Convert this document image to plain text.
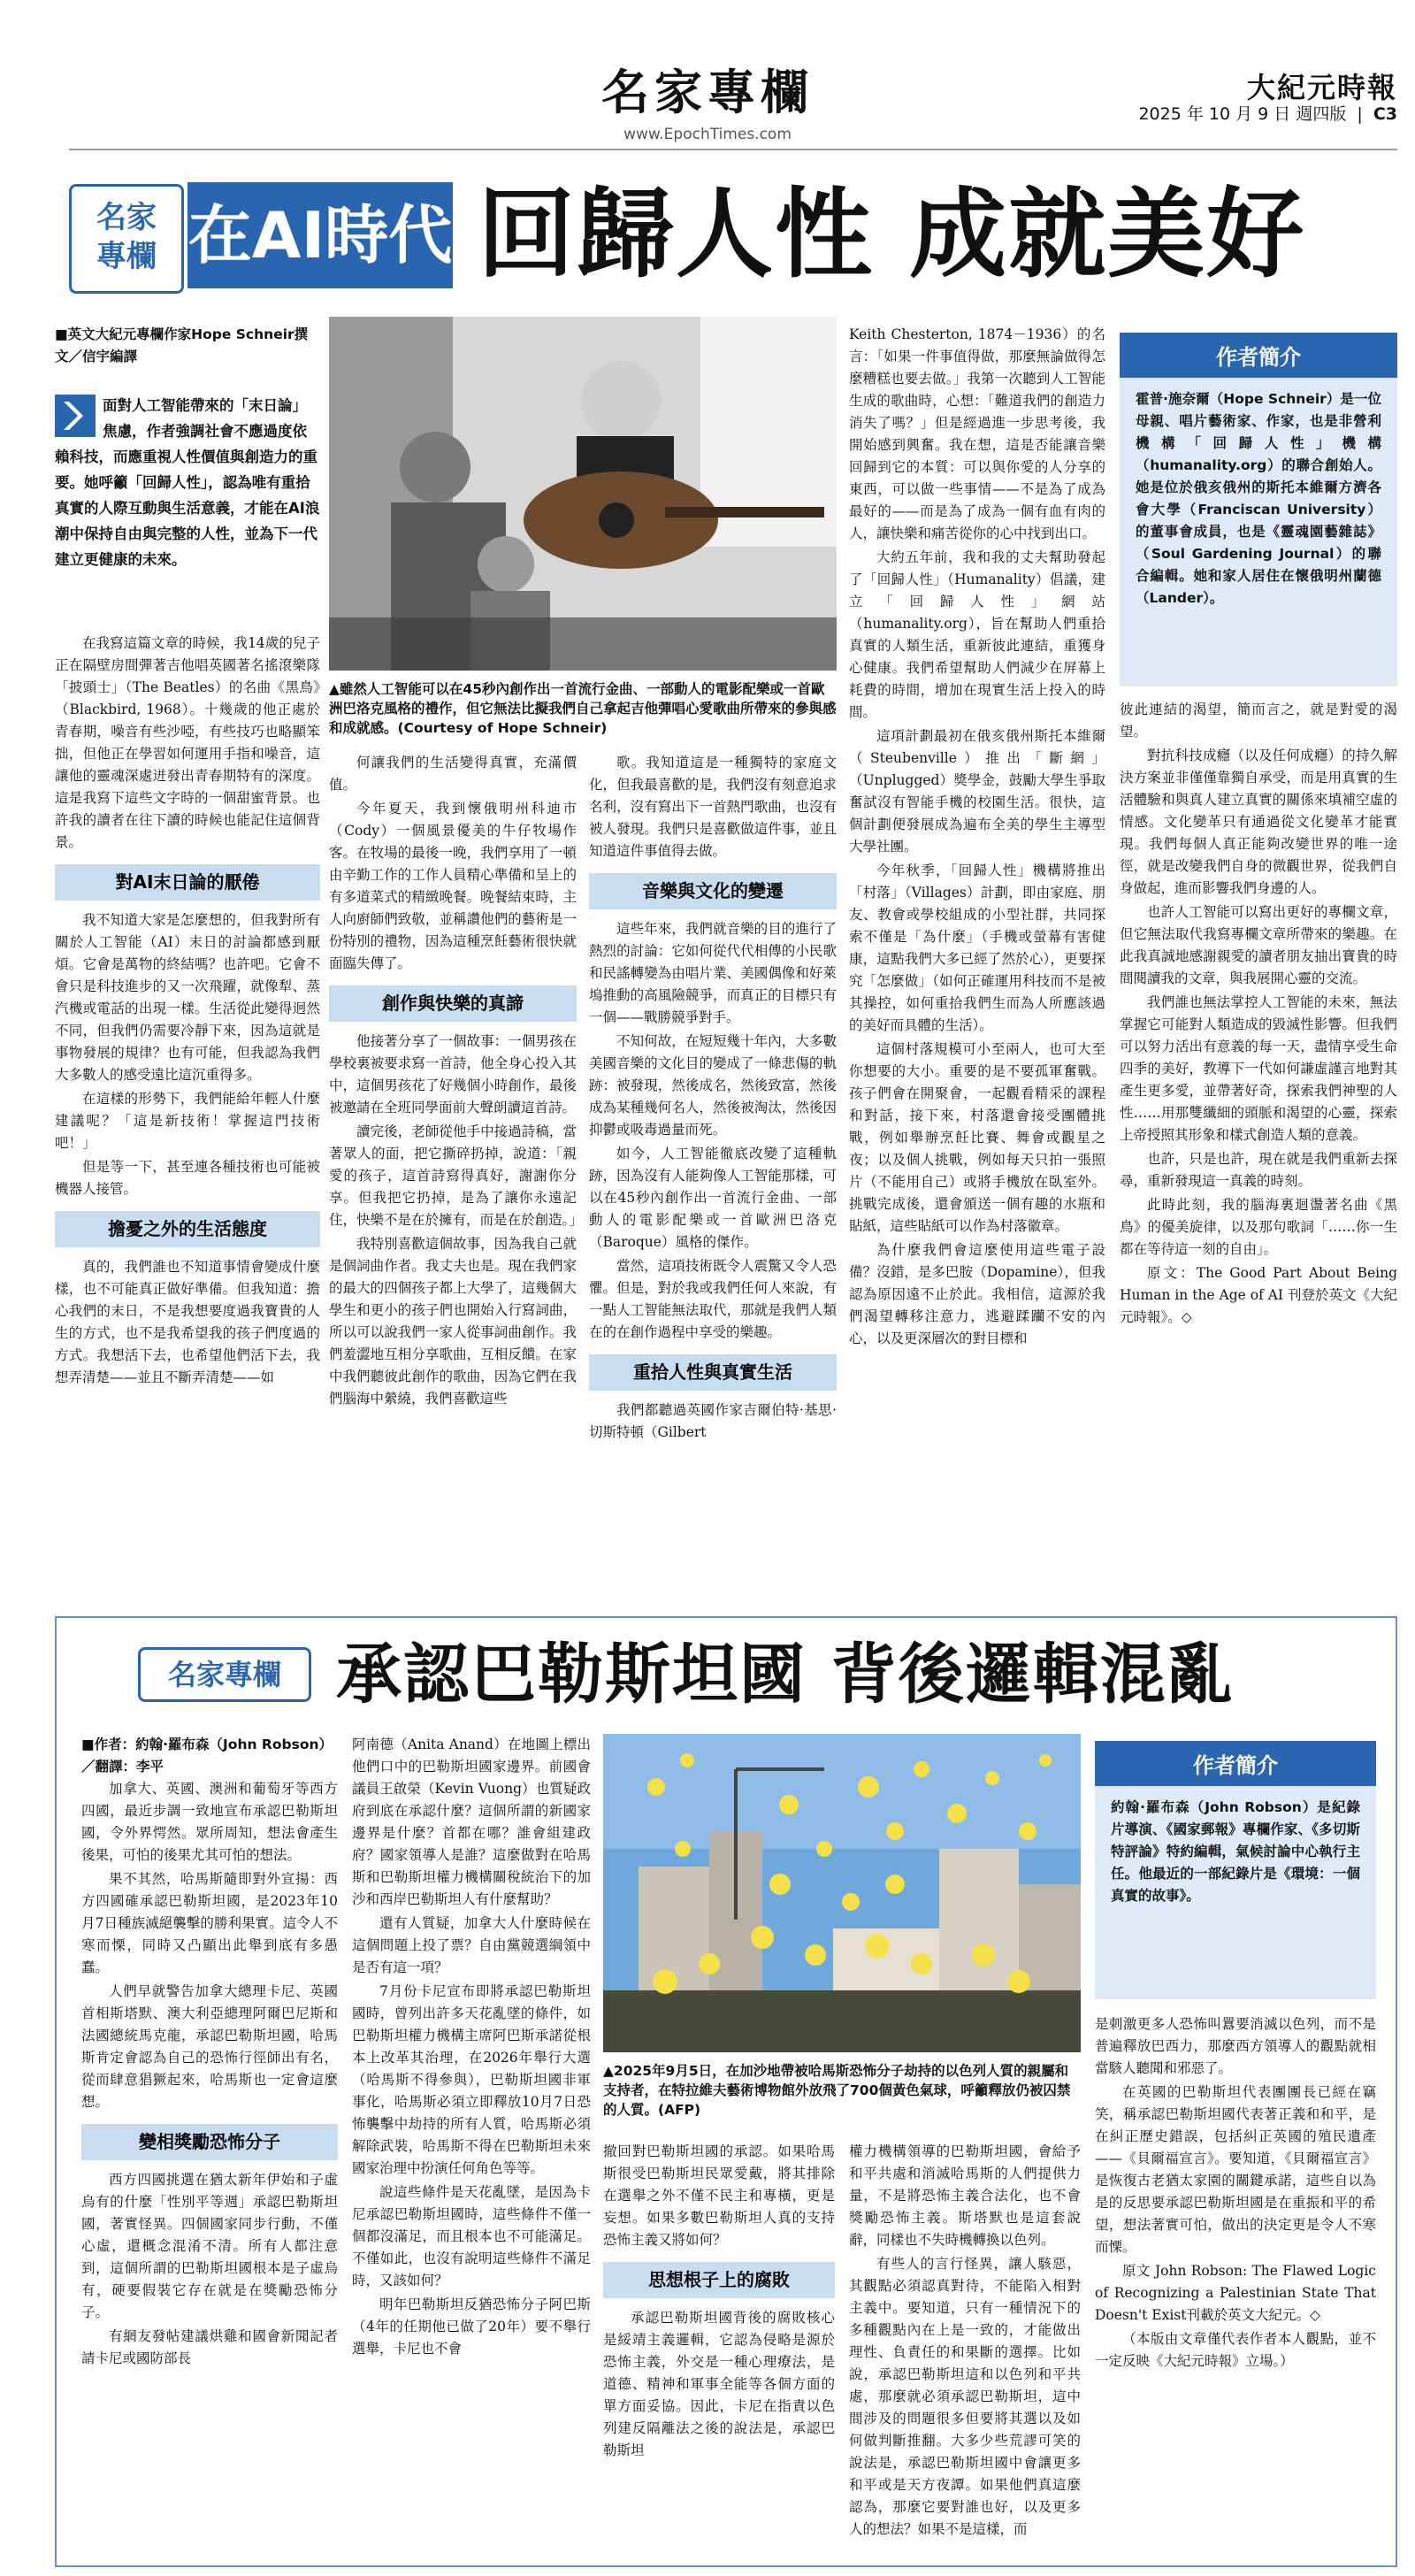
名家專欄
www.EpochTimes.com
大紀元時報
2025 年 10 月 9 日 週四版 | C3
名家
專欄 在AI時代 回歸人性 成就美好
■英文大紀元專欄作家Hope Schneir撰文／信宇編譯
面對人工智能帶來的「末日論」焦慮，作者強調社會不應過度依賴科技，而應重視人性價值與創造力的重要。她呼籲「回歸人性」，認為唯有重拾真實的人際互動與生活意義，才能在AI浪潮中保持自由與完整的人性，並為下一代建立更健康的未來。

在我寫這篇文章的時候，我14歲的兒子正在隔壁房間彈著吉他唱英國著名搖滾樂隊「披頭士」（The Beatles）的名曲《黑鳥》（Blackbird, 1968）。十幾歲的他正處於青春期，噪音有些沙啞，有些技巧也略顯笨拙，但他正在學習如何運用手指和噪音，這讓他的靈魂深處迸發出青春期特有的深度。這是我寫下這些文字時的一個甜蜜背景。也許我的讀者在往下讀的時候也能記住這個背景。

對AI末日論的厭倦

我不知道大家是怎麼想的，但我對所有關於人工智能（AI）末日的討論都感到厭煩。它會是萬物的終結嗎？也許吧。它會不會只是科技進步的又一次飛躍，就像犁、蒸汽機或電話的出現一樣。生活從此變得迥然不同，但我們仍需要冷靜下來，因為這就是事物發展的規律？也有可能，但我認為我們大多數人的感受遠比這沉重得多。

在這樣的形勢下，我們能給年輕人什麼建議呢？「這是新技術！掌握這門技術吧！」

但是等一下，甚至連各種技術也可能被機器人接管。

擔憂之外的生活態度

真的，我們誰也不知道事情會變成什麼樣，也不可能真正做好準備。但我知道：擔心我們的末日，不是我想要度過我寶貴的人生的方式，也不是我希望我的孩子們度過的方式。我想活下去，也希望他們活下去，我想弄清楚——並且不斷弄清楚——如

▲雖然人工智能可以在45秒內創作出一首流行金曲、一部動人的電影配樂或一首歐洲巴洛克風格的禮作，但它無法比擬我們自己拿起吉他彈唱心愛歌曲所帶來的參與感和成就感。(Courtesy of Hope Schneir)

何讓我們的生活變得真實，充滿價值。

今年夏天，我到懷俄明州科迪市（Cody）一個風景優美的牛仔牧場作客。在牧場的最後一晚，我們享用了一頓由辛勤工作的工作人員精心準備和呈上的有多道菜式的精緻晚餐。晚餐結束時，主人向廚師們致敬，並稱讚他們的藝術是一份特別的禮物，因為這種烹飪藝術很快就面臨失傳了。

創作與快樂的真諦

他接著分享了一個故事：一個男孩在學校裏被要求寫一首詩，他全身心投入其中，這個男孩花了好幾個小時創作，最後被邀請在全班同學面前大聲朗讀這首詩。

讀完後，老師從他手中接過詩稿，當著眾人的面，把它撕碎扔掉，說道：「親愛的孩子，這首詩寫得真好，謝謝你分享。但我把它扔掉，是為了讓你永遠記住，快樂不是在於擁有，而是在於創造。」

我特別喜歡這個故事，因為我自己就是個詞曲作者。我丈夫也是。現在我們家的最大的四個孩子都上大學了，這幾個大學生和更小的孩子們也開始入行寫詞曲，所以可以說我們一家人從事詞曲創作。我們羞澀地互相分享歌曲，互相反饋。在家中我們聽彼此創作的歌曲，因為它們在我們腦海中縈繞，我們喜歡這些

歌。我知道這是一種獨特的家庭文化，但我最喜歡的是，我們沒有刻意追求名利，沒有寫出下一首熱門歌曲，也沒有被人發現。我們只是喜歡做這件事，並且知道這件事值得去做。

音樂與文化的變遷

這些年來，我們就音樂的目的進行了熱烈的討論：它如何從代代相傳的小民歌和民謠轉變為由唱片業、美國偶像和好萊塢推動的高風險競爭，而真正的目標只有一個——戰勝競爭對手。

不知何故，在短短幾十年內，大多數美國音樂的文化目的變成了一條悲傷的軌跡：被發現，然後成名，然後致富，然後成為某種幾何名人，然後被淘汰，然後因抑鬱或吸毒過量而死。

如今，人工智能徹底改變了這種軌跡，因為沒有人能夠像人工智能那樣，可以在45秒內創作出一首流行金曲、一部動人的電影配樂或一首歐洲巴洛克（Baroque）風格的傑作。

當然，這項技術既令人震驚又令人恐懼。但是，對於我或我們任何人來說，有一點人工智能無法取代，那就是我們人類在的在創作過程中享受的樂趣。

重拾人性與真實生活

我們都聽過英國作家吉爾伯特·基思·切斯特頓（Gilbert

Keith Chesterton, 1874－1936）的名言：「如果一件事值得做，那麼無論做得怎麼糟糕也要去做。」我第一次聽到人工智能生成的歌曲時，心想：「難道我們的創造力消失了嗎？」但是經過進一步思考後，我開始感到興奮。我在想，這是否能讓音樂回歸到它的本質：可以與你愛的人分享的東西，可以做一些事情——不是為了成為最好的——而是為了成為一個有血有肉的人，讓快樂和痛苦從你的心中找到出口。

大約五年前，我和我的丈夫幫助發起了「回歸人性」（Humanality）倡議，建立「回歸人性」網站（humanality.org），旨在幫助人們重拾真實的人類生活，重新彼此連結，重獲身心健康。我們希望幫助人們減少在屏幕上耗費的時間，增加在現實生活上投入的時間。

這項計劃最初在俄亥俄州斯托本維爾（Steubenville）推出「斷網」（Unplugged）獎學金，鼓勵大學生爭取奮試沒有智能手機的校園生活。很快，這個計劃便發展成為遍布全美的學生主導型大學社團。

今年秋季，「回歸人性」機構將推出「村落」（Villages）計劃，即由家庭、朋友、教會或學校組成的小型社群，共同探索不僅是「為什麼」（手機或螢幕有害健康，這點我們大多已經了然於心），更要探究「怎麼做」（如何正確運用科技而不是被其操控，如何重拾我們生而為人所應該過的美好而具體的生活）。

這個村落規模可小至兩人，也可大至你想要的大小。重要的是不要孤軍奮戰。孩子們會在開聚會，一起觀看精采的課程和對話，接下來，村落還會接受團體挑戰，例如舉辦烹飪比賽、舞會或觀星之夜；以及個人挑戰，例如每天只拍一張照片（不能用自己）或將手機放在臥室外。挑戰完成後，還會頒送一個有趣的水瓶和貼紙，這些貼紙可以作為村落徽章。

為什麼我們會這麼使用這些電子設備？沒錯，是多巴胺（Dopamine），但我認為原因遠不止於此。我相信，這源於我們渴望轉移注意力，逃避蹂躪不安的內心，以及更深層次的對目標和

作者簡介
霍普·施奈爾（Hope Schneir）是一位母親、唱片藝術家、作家，也是非營利機構「回歸人性」機構（humanality.org）的聯合創始人。她是位於俄亥俄州的斯托本維爾方濟各會大學（Franciscan University）的董事會成員，也是《靈魂園藝雜誌》（Soul Gardening Journal）的聯合編輯。她和家人居住在懷俄明州蘭德（Lander）。

彼此連結的渴望，簡而言之，就是對愛的渴望。

對抗科技成癮（以及任何成癮）的持久解決方案並非僅僅靠獨自承受，而是用真實的生活體驗和與真人建立真實的關係來填補空虛的情感。文化變革只有通過從文化變革才能實現。我們每個人真正能夠改變世界的唯一途徑，就是改變我們自身的微觀世界，從我們自身做起，進而影響我們身邊的人。

也許人工智能可以寫出更好的專欄文章，但它無法取代我寫專欄文章所帶來的樂趣。在此我真誠地感謝親愛的讀者朋友抽出寶貴的時間閱讀我的文章，與我展開心靈的交流。

我們誰也無法掌控人工智能的未來，無法掌握它可能對人類造成的毀滅性影響。但我們可以努力活出有意義的每一天，盡情享受生命四季的美好，教導下一代如何謙虛謹言地對其產生更多愛，並帶著好奇，探索我們神聖的人性……用那雙纖細的頭脈和渴望的心靈，探索上帝授照其形象和樣式創造人類的意義。

也許，只是也許，現在就是我們重新去探尋，重新發現這一真義的時刻。

此時此刻，我的腦海裏迴盪著名曲《黑鳥》的優美旋律，以及那句歌詞「……你一生都在等待這一刻的自由」。

原文：The Good Part About Being Human in the Age of AI 刊登於英文《大紀元時報》。◇

名家專欄 承認巴勒斯坦國 背後邏輯混亂
■作者：約翰·羅布森（John Robson）／翻譯：李平

加拿大、英國、澳洲和葡萄牙等西方四國，最近步調一致地宣布承認巴勒斯坦國，令外界愕然。眾所周知，想法會產生後果，可怕的後果尤其可怕的想法。

果不其然，哈馬斯隨即對外宣揚：西方四國確承認巴勒斯坦國，是2023年10月7日種族滅絕襲擊的勝利果實。這令人不寒而慄，同時又凸顯出此舉到底有多愚蠢。

人們早就警告加拿大總理卡尼、英國首相斯塔默、澳大利亞總理阿爾巴尼斯和法國總統馬克龍，承認巴勒斯坦國，哈馬斯肯定會認為自己的恐怖行徑師出有名，從而肆意猖獗起來，哈馬斯也一定會這麼想。

變相獎勵恐怖分子

西方四國挑選在猶太新年伊始和子虛烏有的什麼「性別平等週」承認巴勒斯坦國，著實怪異。四個國家同步行動，不僅心虛，還概念混淆不清。所有人都注意到，這個所謂的巴勒斯坦國根本是子虛烏有，硬要假裝它存在就是在獎勵恐怖分子。

有網友發帖建議烘雞和國會新聞記者請卡尼或國防部長

阿南德（Anita Anand）在地圖上標出他們口中的巴勒斯坦國家邊界。前國會議員王啟榮（Kevin Vuong）也質疑政府到底在承認什麼？這個所謂的新國家邊界是什麼？首都在哪？誰會組建政府？國家領導人是誰？這麼做對在哈馬斯和巴勒斯坦權力機構關稅統治下的加沙和西岸巴勒斯坦人有什麼幫助？

還有人質疑，加拿大人什麼時候在這個問題上投了票？自由黨競選綱領中是否有這一項？

7月份卡尼宣布即將承認巴勒斯坦國時，曾列出許多天花亂墜的條件，如巴勒斯坦權力機構主席阿巴斯承諾從根本上改革其治理，在2026年舉行大選（哈馬斯不得參與），巴勒斯坦國非軍事化，哈馬斯必須立即釋放10月7日恐怖襲擊中劫持的所有人質，哈馬斯必須解除武裝，哈馬斯不得在巴勒斯坦未來國家治理中扮演任何角色等等。

說這些條件是天花亂墜，是因為卡尼承認巴勒斯坦國時，這些條件不僅一個都沒滿足，而且根本也不可能滿足。不僅如此，也沒有說明這些條件不滿足時，又該如何？

明年巴勒斯坦反猶恐怖分子阿巴斯（4年的任期他已做了20年）要不舉行選舉，卡尼也不會

▲2025年9月5日，在加沙地帶被哈馬斯恐怖分子劫持的以色列人質的親屬和支持者，在特拉維夫藝術博物館外放飛了700個黃色氣球，呼籲釋放仍被囚禁的人質。(AFP)

撤回對巴勒斯坦國的承認。如果哈馬斯很受巴勒斯坦民眾愛戴，將其排除在選舉之外不僅不民主和專橫，更是妄想。如果多數巴勒斯坦人真的支持恐怖主義又將如何？

思想根子上的腐敗

承認巴勒斯坦國背後的腐敗核心是綏靖主義邏輯，它認為侵略是源於恐怖主義，外交是一種心理療法，是道德、精神和軍事全能等各個方面的單方面妥協。因此，卡尼在指責以色列建反隔離法之後的說法是，承認巴勒斯坦

權力機構領導的巴勒斯坦國，會給予和平共處和消滅哈馬斯的人們提供力量，不是將恐怖主義合法化，也不會獎勵恐怖主義。斯塔默也是這套說辭，同樣也不失時機轉換以色列。

有些人的言行怪異，讓人駭惡，其觀點必須認真對待，不能陷入相對主義中。要知道，只有一種情況下的多種觀點內在上是一致的，才能做出理性、負責任的和果斷的選擇。比如說，承認巴勒斯坦這和以色列和平共處，那麼就必須承認巴勒斯坦，這中間涉及的問題很多但要將其選以及如何做判斷推翻。大多少些荒謬可笑的說法是，承認巴勒斯坦國中會讓更多和平或是天方夜譚。如果他們真這麼認為，那麼它要對誰也好，以及更多人的想法？如果不是這樣，而

作者簡介
約翰·羅布森（John Robson）是紀錄片導演、《國家郵報》專欄作家、《多切斯特評論》特約編輯，氣候討論中心執行主任。他最近的一部紀錄片是《環境：一個真實的故事》。

是刺激更多人恐怖叫囂要消滅以色列，而不是普遍釋放巴西力，那麼西方領導人的觀點就相當駭人聽聞和邪惡了。

在英國的巴勒斯坦代表團團長已經在竊笑，稱承認巴勒斯坦國代表著正義和和平，是在糾正歷史錯誤，包括糾正英國的殖民遺產——《貝爾福宣言》。要知道，《貝爾福宣言》是恢復古老猶太家園的關鍵承諾，這些自以為是的反思要承認巴勒斯坦國是在重振和平的希望，想法著實可怕，做出的決定更是令人不寒而慄。

原文 John Robson: The Flawed Logic of Recognizing a Palestinian State That Doesn't Exist刊載於英文大紀元。◇

（本版由文章僅代表作者本人觀點，並不一定反映《大紀元時報》立場。）
